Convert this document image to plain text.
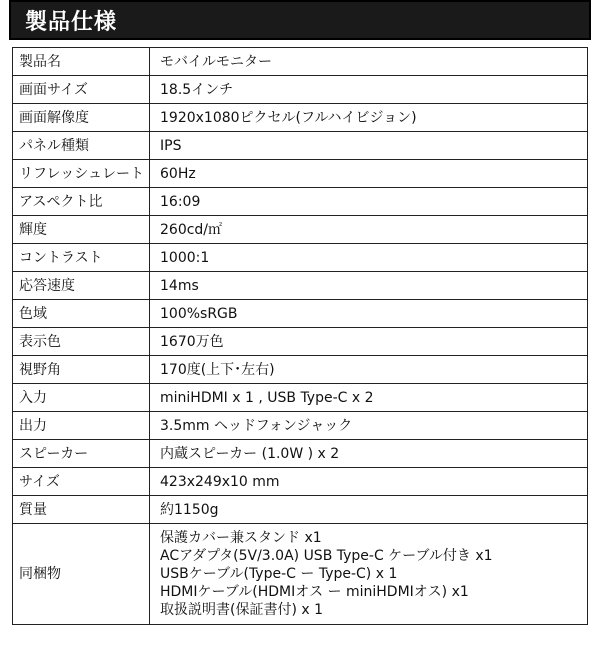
製品仕様
製品名	モバイルモニター
画面サイズ	18.5インチ
画面解像度	1920x1080ピクセル(フルハイビジョン)
パネル種類	IPS
リフレッシュレート	60Hz
アスペクト比	16:09
輝度	260cd/㎡
コントラスト	1000:1
応答速度	14ms
色域	100%sRGB
表示色	1670万色
視野角	170度(上下･左右)
入力	miniHDMI x 1 , USB Type-C x 2
出力	3.5mm ヘッドフォンジャック
スピーカー	内蔵スピーカー (1.0W ) x 2
サイズ	423x249x10 mm
質量	約1150g
同梱物	保護カバー兼スタンド x1
ACアダプタ(5V/3.0A) USB Type-C ケーブル付き x1
USBケーブル(Type-C ー Type-C) x 1
HDMIケーブル(HDMIオス ー miniHDMIオス) x1
取扱説明書(保証書付) x 1
